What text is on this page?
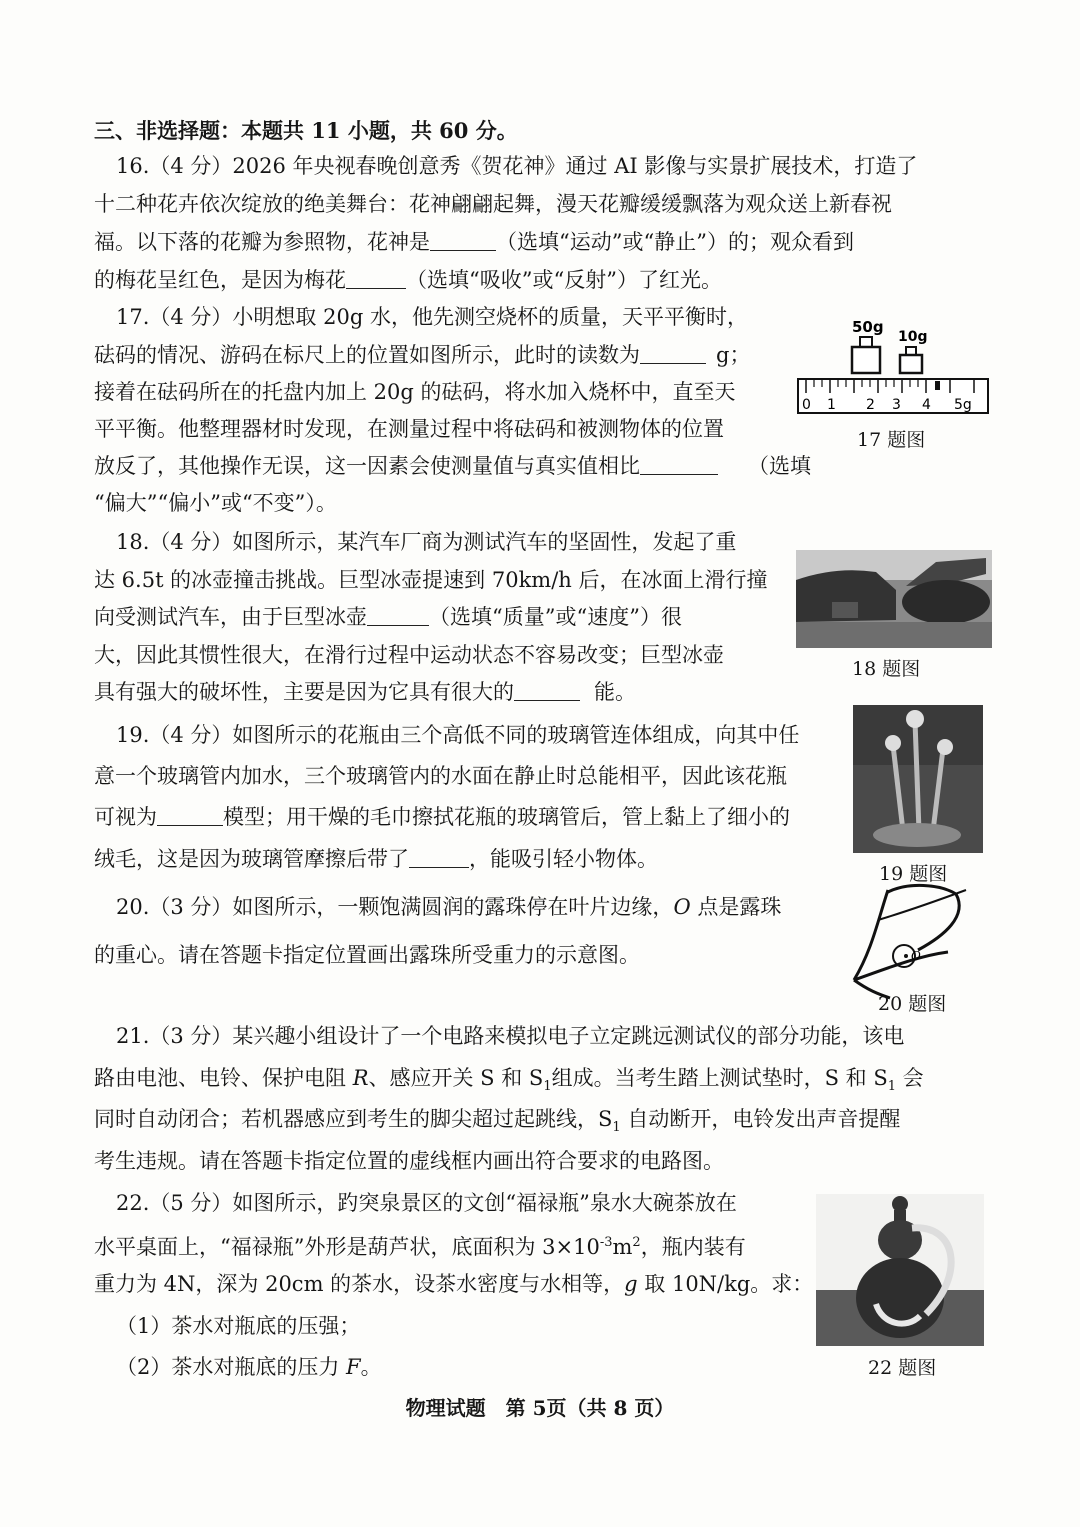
三、非选择题：本题共 11 小题，共 60 分。
16.（4 分）2026 年央视春晚创意秀《贺花神》通过 AI 影像与实景扩展技术，打造了
十二种花卉依次绽放的绝美舞台：花神翩翩起舞，漫天花瓣缓缓飘落为观众送上新春祝
福。以下落的花瓣为参照物，花神是	（选填“运动”或“静止”）的；观众看到
的梅花呈红色，是因为梅花	（选填“吸收”或“反射”）了红光。
17.（4 分）小明想取 20g 水，他先测空烧杯的质量，天平平衡时，
砝码的情况、游码在标尺上的位置如图所示，此时的读数为	g；
接着在砝码所在的托盘内加上 20g 的砝码，将水加入烧杯中，直至天
平平衡。他整理器材时发现，在测量过程中将砝码和被测物体的位置
放反了，其他操作无误，这一因素会使测量值与真实值相比	（选填
“偏大”“偏小”或“不变”）。
50g
10g
0 1 2 3 4 5g
17 题图
18.（4 分）如图所示，某汽车厂商为测试汽车的坚固性，发起了重
达 6.5t 的冰壶撞击挑战。巨型冰壶提速到 70km/h 后，在冰面上滑行撞
向受测试汽车，由于巨型冰壶	（选填“质量”或“速度”）很
大，因此其惯性很大，在滑行过程中运动状态不容易改变；巨型冰壶
具有强大的破坏性，主要是因为它具有很大的	能。
18 题图
19.（4 分）如图所示的花瓶由三个高低不同的玻璃管连体组成，向其中任
意一个玻璃管内加水，三个玻璃管内的水面在静止时总能相平，因此该花瓶
可视为	模型；用干燥的毛巾擦拭花瓶的玻璃管后，管上黏上了细小的
绒毛，这是因为玻璃管摩擦后带了	，能吸引轻小物体。
19 题图
20.（3 分）如图所示，一颗饱满圆润的露珠停在叶片边缘，O 点是露珠
的重心。请在答题卡指定位置画出露珠所受重力的示意图。	O
20 题图
21.（3 分）某兴趣小组设计了一个电路来模拟电子立定跳远测试仪的部分功能，该电
路由电池、电铃、保护电阻 R、感应开关 S 和 $S_1$组成。当考生踏上测试垫时，S 和 $S_1$ 会
同时自动闭合；若机器感应到考生的脚尖超过起跳线，$S_1$ 自动断开，电铃发出声音提醒
考生违规。请在答题卡指定位置的虚线框内画出符合要求的电路图。
22.（5 分）如图所示，趵突泉景区的文创“福禄瓶”泉水大碗茶放在
水平桌面上，“福禄瓶”外形是葫芦状，底面积为 $3\times 10^{-3}m^2$，瓶内装有
重力为 4N，深为 20cm 的茶水，设茶水密度与水相等，g 取 10N/kg。求：
（1）茶水对瓶底的压强；
（2）茶水对瓶底的压力 F。	22 题图
物理试题　第 5页（共 8 页）
